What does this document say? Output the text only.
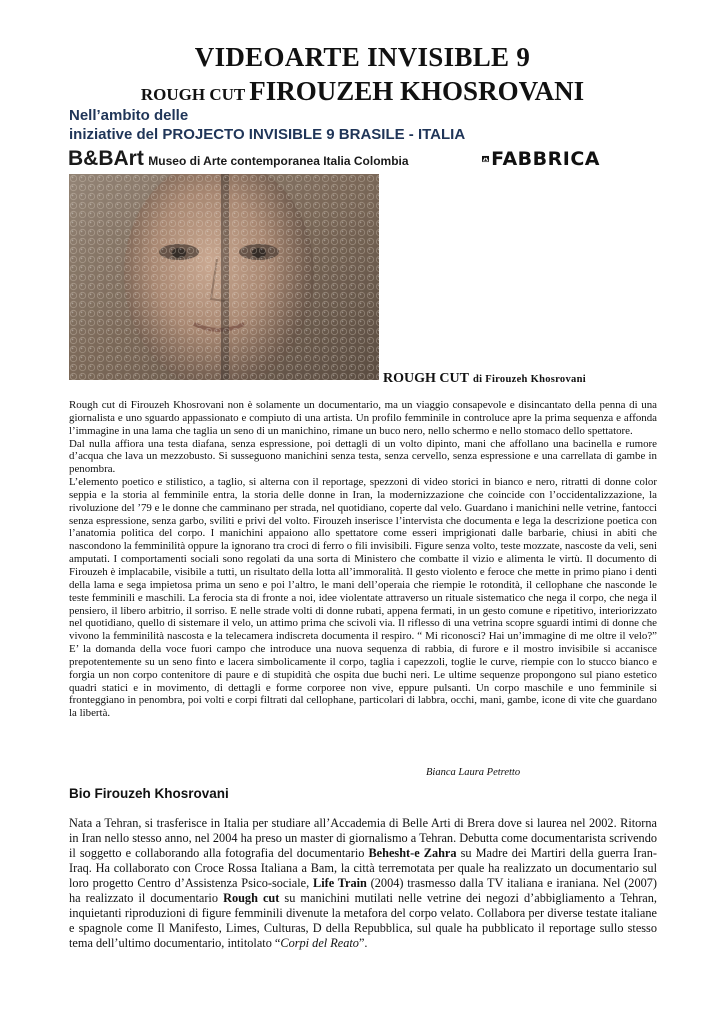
VIDEOARTE INVISIBLE 9
ROUGH CUT FIROUZEH KHOSROVANI
Nell’ambito delle
iniziative del PROJECTO INVISIBLE 9 BRASILE - ITALIA
B&BArt Museo di Arte contemporanea Italia Colombia	FABBRICA
ROUGH CUT di Firouzeh Khosrovani

Rough cut di Firouzeh Khosrovani non è solamente un documentario, ma un viaggio consapevole e disincantato della penna di una giornalista e uno sguardo appassionato e compiuto di una artista. Un profilo femminile in controluce apre la prima sequenza e affonda l’immagine in una lama che taglia un seno di un manichino, rimane un buco nero, nello schermo e nello stomaco dello spettatore.

Dal nulla affiora una testa diafana, senza espressione, poi dettagli di un volto dipinto, mani che affollano una bacinella e rumore d’acqua che lava un mezzobusto. Si susseguono manichini senza testa, senza cervello, senza espressione e una carrellata di gambe in penombra.

L’elemento poetico e stilistico, a taglio, si alterna con il reportage, spezzoni di video storici in bianco e nero, ritratti di donne color seppia e la storia al femminile entra, la storia delle donne in Iran, la modernizzazione che coincide con l’occidentalizzazione, la rivoluzione del ’79 e le donne che camminano per strada, nel quotidiano, coperte dal velo. Guardano i manichini nelle vetrine, fantocci senza espressione, senza garbo, sviliti e privi del volto. Firouzeh inserisce l’intervista che documenta e lega la descrizione poetica con l’anatomia politica del corpo. I manichini appaiono allo spettatore come esseri imprigionati dalle barbarie, chiusi in abiti che nascondono la femminilità oppure la ignorano tra croci di ferro o fili invisibili. Figure senza volto, teste mozzate, nascoste da veli, seni amputati. I comportamenti sociali sono regolati da una sorta di Ministero che combatte il vizio e alimenta le virtù. Il documento di Firouzeh è implacabile, visibile a tutti, un risultato della lotta all’immoralità. Il gesto violento e feroce che mette in primo piano i denti della lama e sega impietosa prima un seno e poi l’altro, le mani dell’operaia che riempie le rotondità, il cellophane che nasconde le teste femminili e maschili. La ferocia sta di fronte a noi, idee violentate attraverso un rituale sistematico che nega il corpo, che nega il pensiero, il libero arbitrio, il sorriso. E nelle strade volti di donne rubati, appena fermati, in un gesto comune e ripetitivo, interiorizzato nel quotidiano, quello di sistemare il velo, un attimo prima che scivoli via. Il riflesso di una vetrina scopre sguardi intimi di donne che vivono la femminilità nascosta e la telecamera indiscreta documenta il respiro. “ Mi riconosci? Hai un’immagine di me oltre il velo?” E’ la domanda della voce fuori campo che introduce una nuova sequenza di rabbia, di furore e il mostro invisibile si accanisce prepotentemente su un seno finto e lacera simbolicamente il corpo, taglia i capezzoli, toglie le curve, riempie con lo stucco bianco e forgia un non corpo contenitore di paure e di stupidità che ospita due buchi neri. Le ultime sequenze propongono sul piano estetico quadri statici e in movimento, di dettagli e forme corporee non vive, eppure pulsanti. Un corpo maschile e uno femminile si fronteggiano in penombra, poi volti e corpi filtrati dal cellophane, particolari di labbra, occhi, mani, gambe, icone di vite che guardano la libertà.

Bianca Laura Petretto
Bio Firouzeh Khosrovani

Nata a Tehran, si trasferisce in Italia per studiare all’Accademia di Belle Arti di Brera dove si laurea nel 2002. Ritorna in Iran nello stesso anno, nel 2004 ha preso un master di giornalismo a Tehran. Debutta come documentarista scrivendo il soggetto e collaborando alla fotografia del documentario Behesht-e Zahra su Madre dei Martiri della guerra Iran-Iraq. Ha collaborato con Croce Rossa Italiana a Bam, la città terremotata per quale ha realizzato un documentario sul loro progetto Centro d’Assistenza Psico-sociale, Life Train (2004) trasmesso dalla TV italiana e iraniana. Nel (2007) ha realizzato il documentario Rough cut su manichini mutilati nelle vetrine dei negozi d’abbigliamento a Tehran, inquietanti riproduzioni di figure femminili divenute la metafora del corpo velato. Collabora per diverse testate italiane e spagnole come Il Manifesto, Limes, Culturas, D della Repubblica, sul quale ha pubblicato il reportage sullo stesso tema dell’ultimo documentario, intitolato “Corpi del Reato”.
